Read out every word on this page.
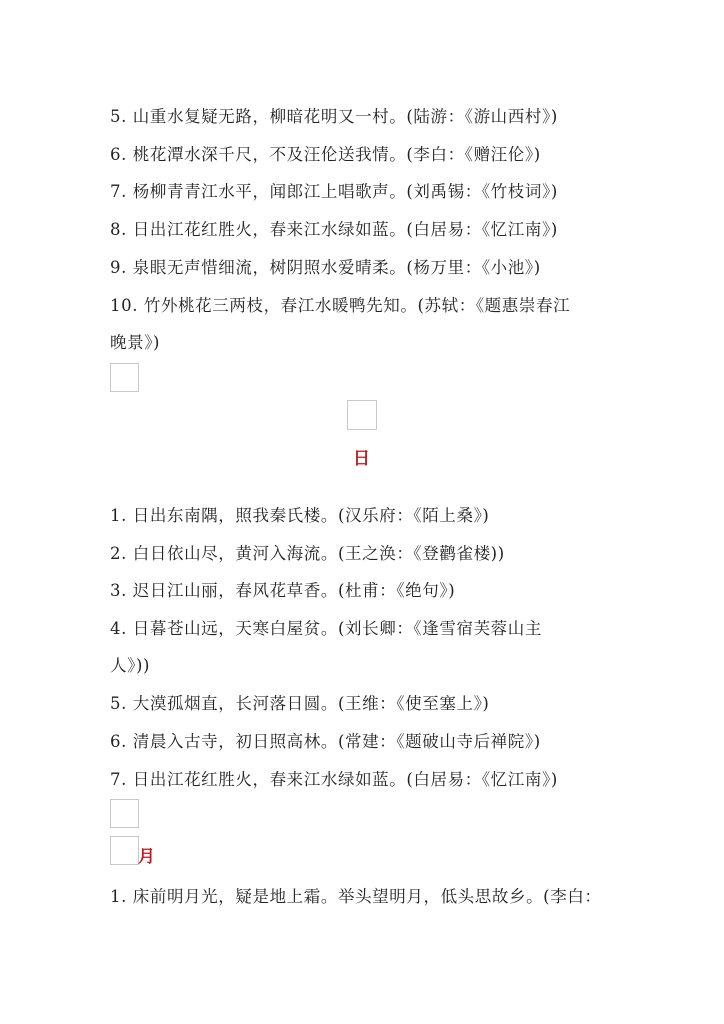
5. 山重水复疑无路，柳暗花明又一村。(陆游：《游山西村》)
6. 桃花潭水深千尺，不及汪伦送我情。(李白：《赠汪伦》)
7. 杨柳青青江水平，闻郎江上唱歌声。(刘禹锡：《竹枝词》)
8. 日出江花红胜火，春来江水绿如蓝。(白居易：《忆江南》)
9. 泉眼无声惜细流，树阴照水爱晴柔。(杨万里：《小池》)
10. 竹外桃花三两枝，春江水暖鸭先知。(苏轼：《题惠崇春江
晚景》)
日
1. 日出东南隅，照我秦氏楼。(汉乐府：《陌上桑》)
2. 白日依山尽，黄河入海流。(王之涣：《登鹳雀楼))
3. 迟日江山丽，春风花草香。(杜甫：《绝句》)
4. 日暮苍山远，天寒白屋贫。(刘长卿：《逢雪宿芙蓉山主
人》))
5. 大漠孤烟直，长河落日圆。(王维：《使至塞上》)
6. 清晨入古寺，初日照高林。(常建：《题破山寺后禅院》)
7. 日出江花红胜火，春来江水绿如蓝。(白居易：《忆江南》)
月
1. 床前明月光，疑是地上霜。举头望明月，低头思故乡。(李白：
